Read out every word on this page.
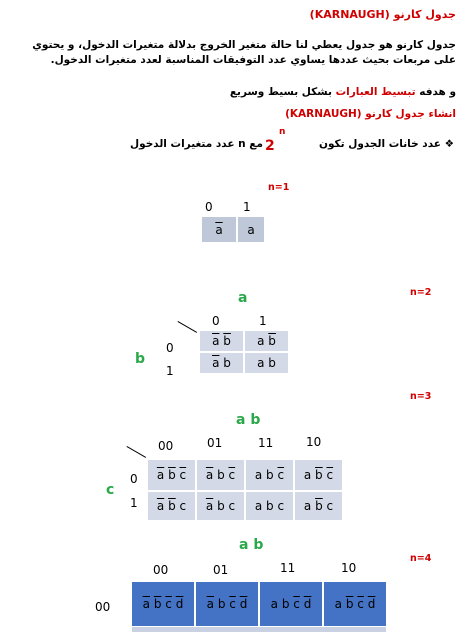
جدول كارنو (KARNAUGH)
جدول كارنو هو جدول يعطي لنا حالة متغير الخروج بدلالة متغيرات الدخول، و يحتوي على مربعات بحيث عددها يساوي عدد التوفيقات المناسبة لعدد متغيرات الدخول.
و هدفه تبسيط العبارات بشكل بسيط وسريع
انشاء جدول كارنو (KARNAUGH)
❖ عدد خانات الجدول تكون
2
n
مع n عدد متغيرات الدخول
n=1
0	1
$\overline{a}$	a
n=2
a
0	1
b
0
1
$\overline{a}$ $\overline{b}$	a $\overline{b}$
$\overline{a}$ b	a b
n=3
a b
00	01	11	10
c
0
1
$\overline{a}$ $\overline{b}$ $\overline{c}$	$\overline{a}$ b $\overline{c}$	a b $\overline{c}$	a $\overline{b}$ $\overline{c}$
$\overline{a}$ $\overline{b}$ c	$\overline{a}$ b c	a b c	a $\overline{b}$ c
a b
n=4
00	01	11	10
00	$\overline{a}$ $\overline{b}$ $\overline{c}$ $\overline{d}$	$\overline{a}$ b $\overline{c}$ $\overline{d}$	a b $\overline{c}$ $\overline{d}$	a $\overline{b}$ $\overline{c}$ $\overline{d}$
